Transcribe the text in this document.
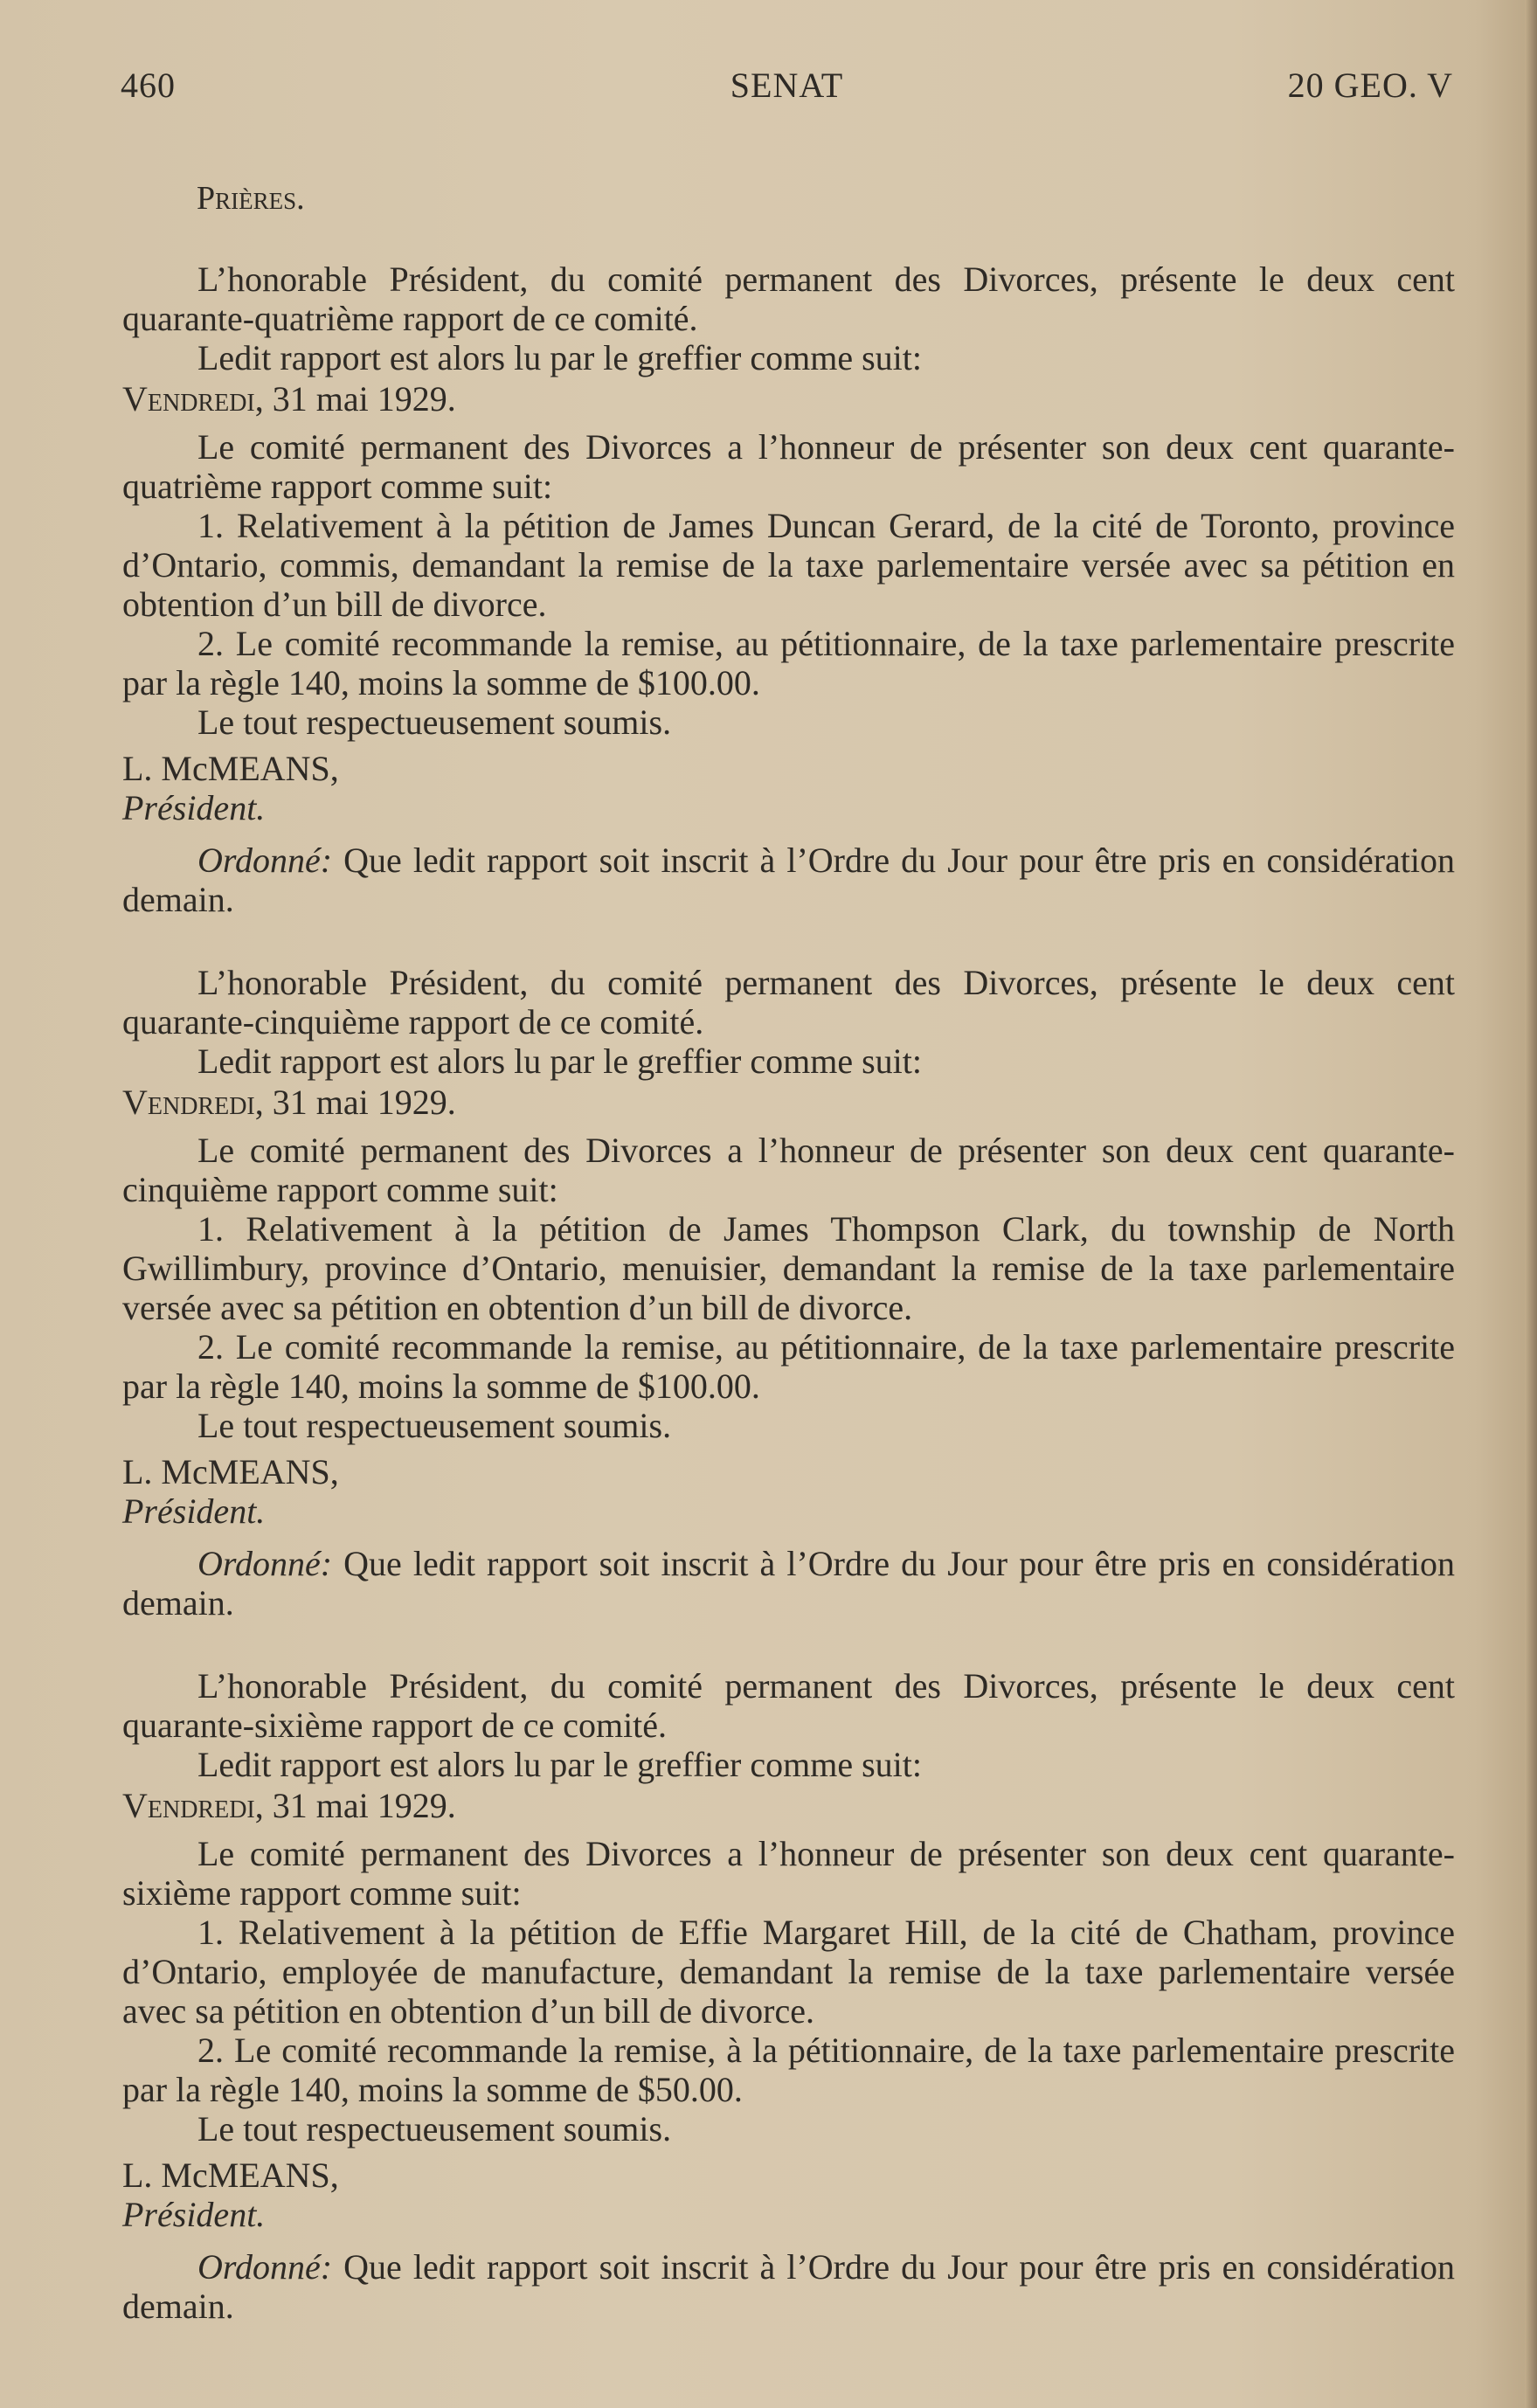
460	SENAT	20 GEO. V

Prières.

L’honorable Président, du comité permanent des Divorces, présente le deux cent quarante-quatrième rapport de ce comité.

Ledit rapport est alors lu par le greffier comme suit:

Vendredi, 31 mai 1929.

Le comité permanent des Divorces a l’honneur de présenter son deux cent quarante-quatrième rapport comme suit:

1. Relativement à la pétition de James Duncan Gerard, de la cité de Toronto, province d’Ontario, commis, demandant la remise de la taxe parlementaire versée avec sa pétition en obtention d’un bill de divorce.

2. Le comité recommande la remise, au pétitionnaire, de la taxe parlementaire prescrite par la règle 140, moins la somme de $100.00.

Le tout respectueusement soumis.

L. McMEANS,

Président.

Ordonné: Que ledit rapport soit inscrit à l’Ordre du Jour pour être pris en considération demain.

L’honorable Président, du comité permanent des Divorces, présente le deux cent quarante-cinquième rapport de ce comité.

Ledit rapport est alors lu par le greffier comme suit:

Vendredi, 31 mai 1929.

Le comité permanent des Divorces a l’honneur de présenter son deux cent quarante-cinquième rapport comme suit:

1. Relativement à la pétition de James Thompson Clark, du township de North Gwillimbury, province d’Ontario, menuisier, demandant la remise de la taxe parlementaire versée avec sa pétition en obtention d’un bill de divorce.

2. Le comité recommande la remise, au pétitionnaire, de la taxe parlementaire prescrite par la règle 140, moins la somme de $100.00.

Le tout respectueusement soumis.

L. McMEANS,

Président.

Ordonné: Que ledit rapport soit inscrit à l’Ordre du Jour pour être pris en considération demain.

L’honorable Président, du comité permanent des Divorces, présente le deux cent quarante-sixième rapport de ce comité.

Ledit rapport est alors lu par le greffier comme suit:

Vendredi, 31 mai 1929.

Le comité permanent des Divorces a l’honneur de présenter son deux cent quarante-sixième rapport comme suit:

1. Relativement à la pétition de Effie Margaret Hill, de la cité de Chatham, province d’Ontario, employée de manufacture, demandant la remise de la taxe parlementaire versée avec sa pétition en obtention d’un bill de divorce.

2. Le comité recommande la remise, à la pétitionnaire, de la taxe parlementaire prescrite par la règle 140, moins la somme de $50.00.

Le tout respectueusement soumis.

L. McMEANS,

Président.

Ordonné: Que ledit rapport soit inscrit à l’Ordre du Jour pour être pris en considération demain.
